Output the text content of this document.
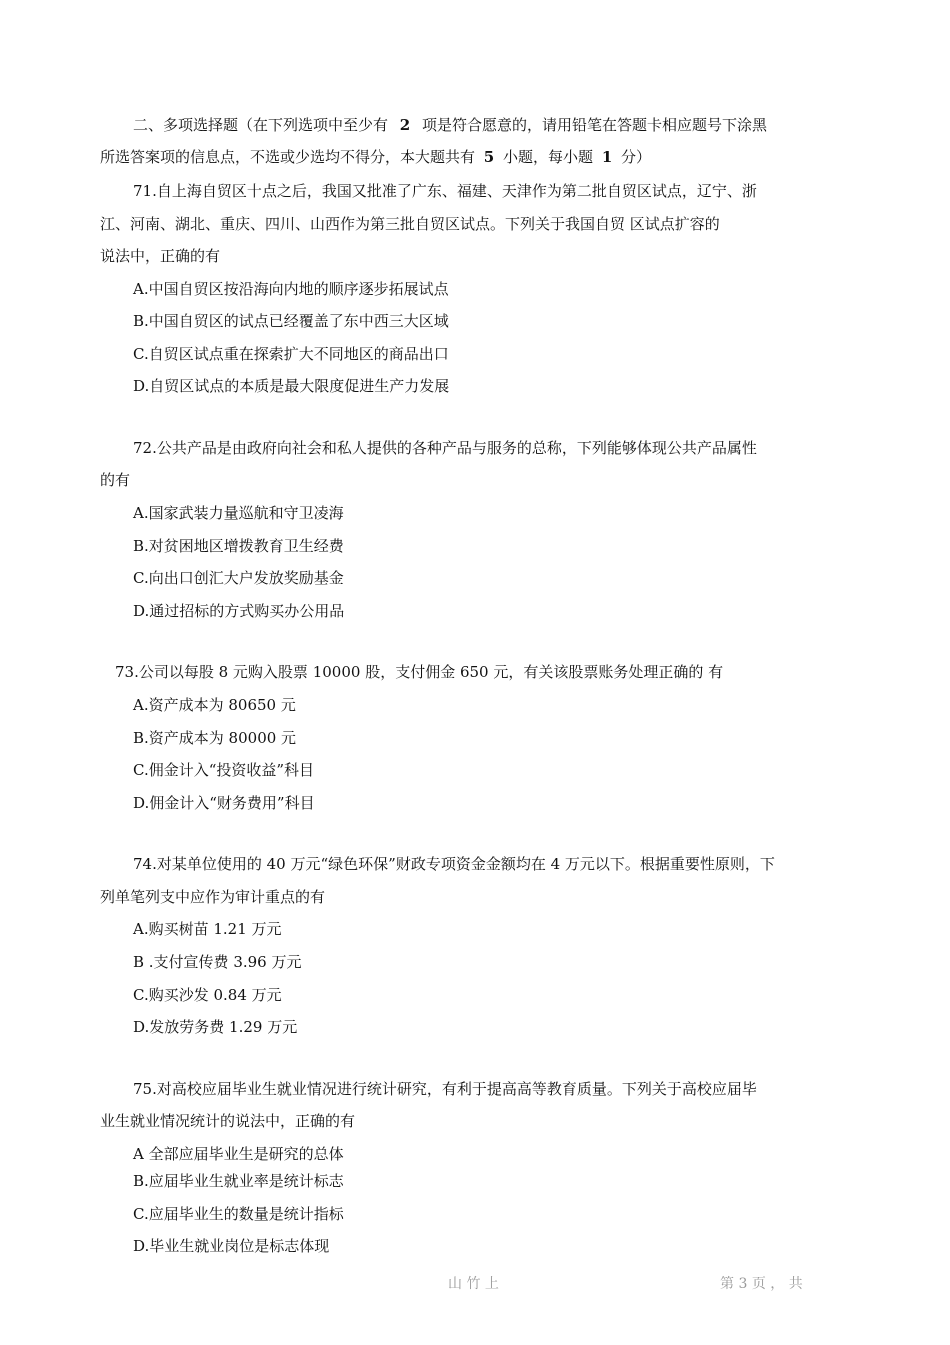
二、多项选择题（在下列选项中至少有 2 项是符合愿意的，请用铅笔在答题卡相应题号下涂黑
所选答案项的信息点，不选或少选均不得分，本大题共有 5 小题，每小题 1 分）
71.自上海自贸区十点之后，我国又批准了广东、福建、天津作为第二批自贸区试点，辽宁、浙
江、河南、湖北、重庆、四川、山西作为第三批自贸区试点。下列关于我国自贸 区试点扩容的
说法中，正确的有
A.中国自贸区按沿海向内地的顺序逐步拓展试点
B.中国自贸区的试点已经覆盖了东中西三大区域
C.自贸区试点重在探索扩大不同地区的商品出口
D.自贸区试点的本质是最大限度促进生产力发展
72.公共产品是由政府向社会和私人提供的各种产品与服务的总称，下列能够体现公共产品属性
的有
A.国家武装力量巡航和守卫凌海
B.对贫困地区增拨教育卫生经费
C.向出口创汇大户发放奖励基金
D.通过招标的方式购买办公用品
73.公司以每股 8 元购入股票 10000 股，支付佣金 650 元，有关该股票账务处理正确的 有
A.资产成本为 80650 元
B.资产成本为 80000 元
C.佣金计入“投资收益”科目
D.佣金计入“财务费用”科目
74.对某单位使用的 40 万元“绿色环保”财政专项资金金额均在 4 万元以下。根据重要性原则，下
列单笔列支中应作为审计重点的有
A.购买树苗 1.21 万元
B .支付宣传费 3.96 万元
C.购买沙发 0.84 万元
D.发放劳务费 1.29 万元
75.对高校应届毕业生就业情况进行统计研究，有利于提高高等教育质量。下列关于高校应届毕
业生就业情况统计的说法中，正确的有
A 全部应届毕业生是研究的总体
B.应届毕业生就业率是统计标志
C.应届毕业生的数量是统计指标
D.毕业生就业岗位是标志体现
山 竹 上	第 3 页 ， 共
